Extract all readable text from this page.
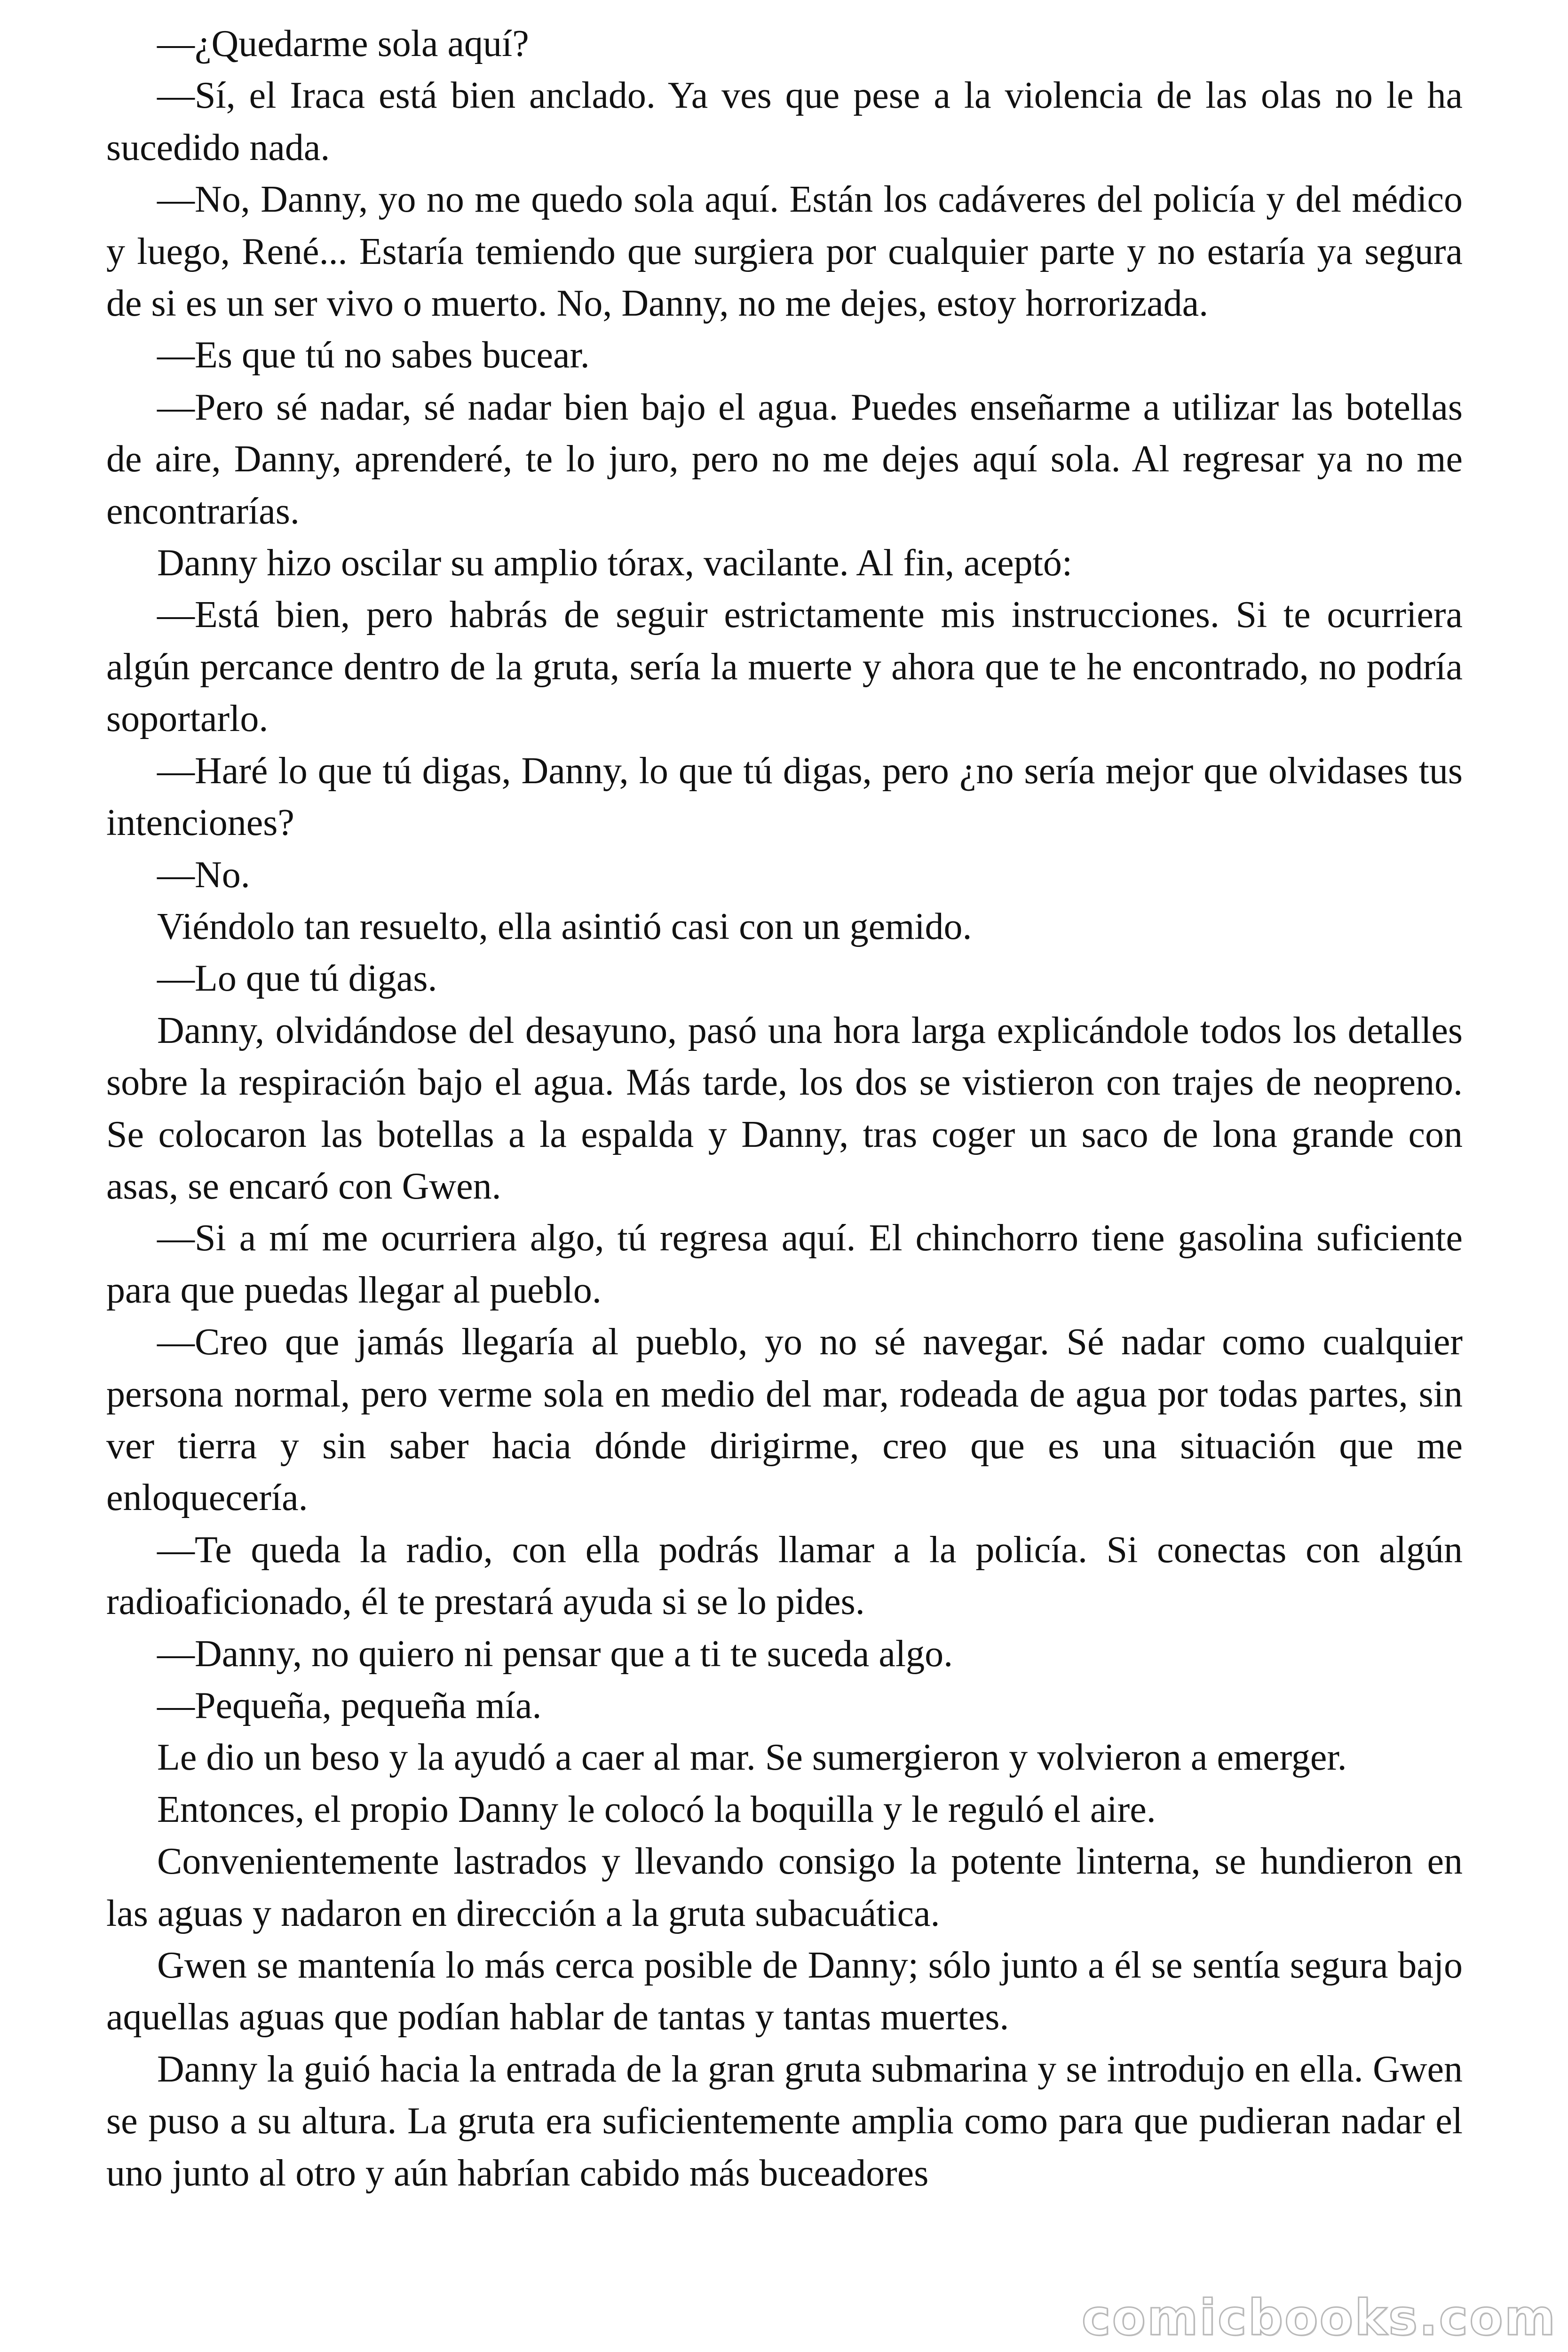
—¿Quedarme sola aquí?

—Sí, el Iraca está bien anclado. Ya ves que pese a la violencia de las olas no le ha sucedido nada.

—No, Danny, yo no me quedo sola aquí. Están los cadáveres del policía y del médico y luego, René... Estaría temiendo que surgiera por cualquier parte y no estaría ya segura de si es un ser vivo o muerto. No, Danny, no me dejes, estoy horrorizada.

—Es que tú no sabes bucear.

—Pero sé nadar, sé nadar bien bajo el agua. Puedes enseñarme a utilizar las botellas de aire, Danny, aprenderé, te lo juro, pero no me dejes aquí sola. Al regresar ya no me encontrarías.

Danny hizo oscilar su amplio tórax, vacilante. Al fin, aceptó:

—Está bien, pero habrás de seguir estrictamente mis instrucciones. Si te ocurriera algún percance dentro de la gruta, sería la muerte y ahora que te he encontrado, no podría soportarlo.

—Haré lo que tú digas, Danny, lo que tú digas, pero ¿no sería mejor que olvidases tus intenciones?

—No.

Viéndolo tan resuelto, ella asintió casi con un gemido.

—Lo que tú digas.

Danny, olvidándose del desayuno, pasó una hora larga explicándole todos los detalles sobre la respiración bajo el agua. Más tarde, los dos se vistieron con trajes de neopreno. Se colocaron las botellas a la espalda y Danny, tras coger un saco de lona grande con asas, se encaró con Gwen.

—Si a mí me ocurriera algo, tú regresa aquí. El chinchorro tiene gasolina suficiente para que puedas llegar al pueblo.

—Creo que jamás llegaría al pueblo, yo no sé navegar. Sé nadar como cualquier persona normal, pero verme sola en medio del mar, rodeada de agua por todas partes, sin ver tierra y sin saber hacia dónde dirigirme, creo que es una situación que me enloquecería.

—Te queda la radio, con ella podrás llamar a la policía. Si conectas con algún radioaficionado, él te prestará ayuda si se lo pides.

—Danny, no quiero ni pensar que a ti te suceda algo.

—Pequeña, pequeña mía.

Le dio un beso y la ayudó a caer al mar. Se sumergieron y volvieron a emerger.

Entonces, el propio Danny le colocó la boquilla y le reguló el aire.

Convenientemente lastrados y llevando consigo la potente linterna, se hundieron en las aguas y nadaron en dirección a la gruta subacuática.

Gwen se mantenía lo más cerca posible de Danny; sólo junto a él se sentía segura bajo aquellas aguas que podían hablar de tantas y tantas muertes.

Danny la guió hacia la entrada de la gran gruta submarina y se introdujo en ella. Gwen se puso a su altura. La gruta era suficientemente amplia como para que pudieran nadar el uno junto al otro y aún habrían cabido más buceadores

comicbooks.com
